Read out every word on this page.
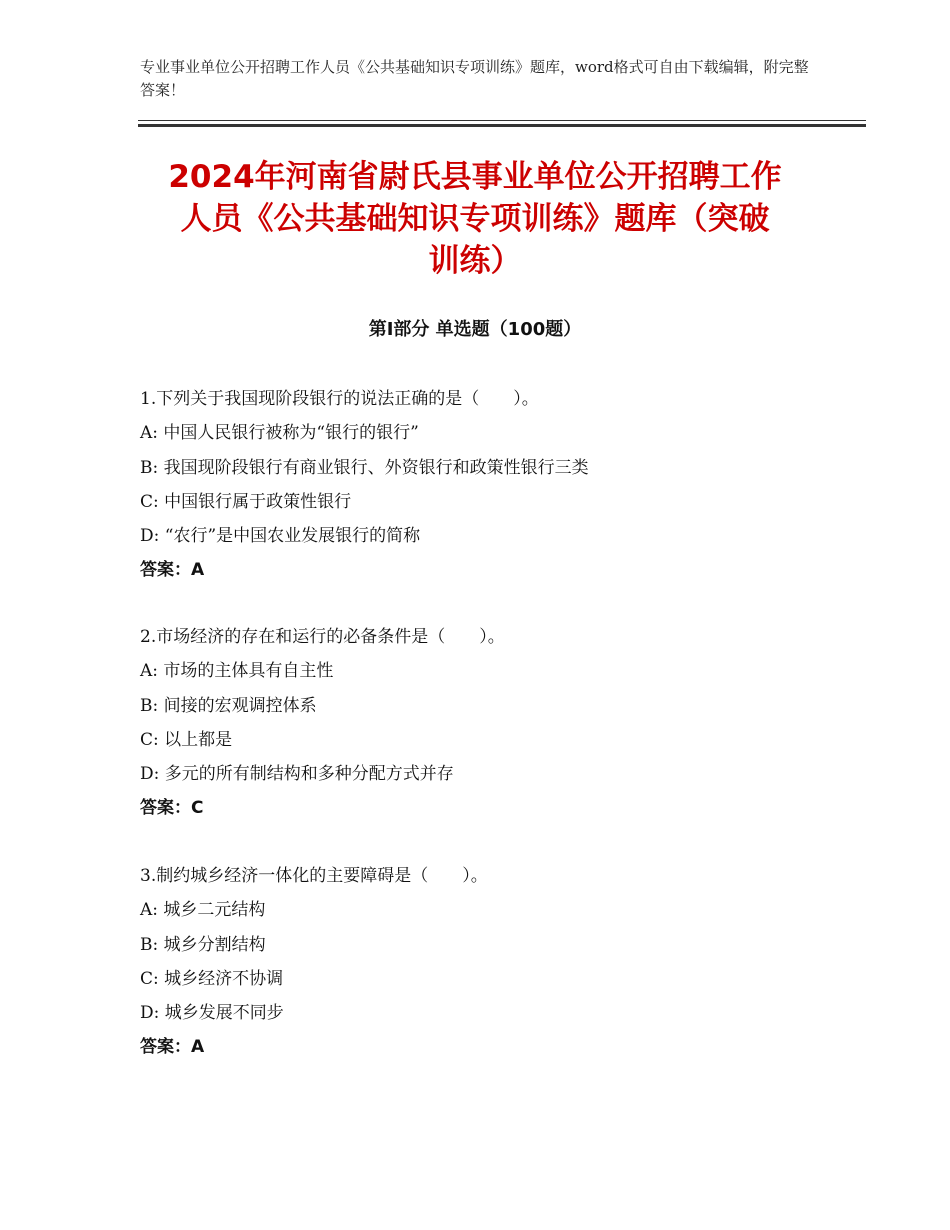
专业事业单位公开招聘工作人员《公共基础知识专项训练》题库，word格式可自由下载编辑，附完整答案！
2024年河南省尉氏县事业单位公开招聘工作
人员《公共基础知识专项训练》题库（突破
训练）
第I部分 单选题（100题）
1.下列关于我国现阶段银行的说法正确的是（　　）。
A: 中国人民银行被称为“银行的银行”
B: 我国现阶段银行有商业银行、外资银行和政策性银行三类
C: 中国银行属于政策性银行
D: “农行”是中国农业发展银行的简称
答案：A
2.市场经济的存在和运行的必备条件是（　　）。
A: 市场的主体具有自主性
B: 间接的宏观调控体系
C: 以上都是
D: 多元的所有制结构和多种分配方式并存
答案：C
3.制约城乡经济一体化的主要障碍是（　　）。
A: 城乡二元结构
B: 城乡分割结构
C: 城乡经济不协调
D: 城乡发展不同步
答案：A
